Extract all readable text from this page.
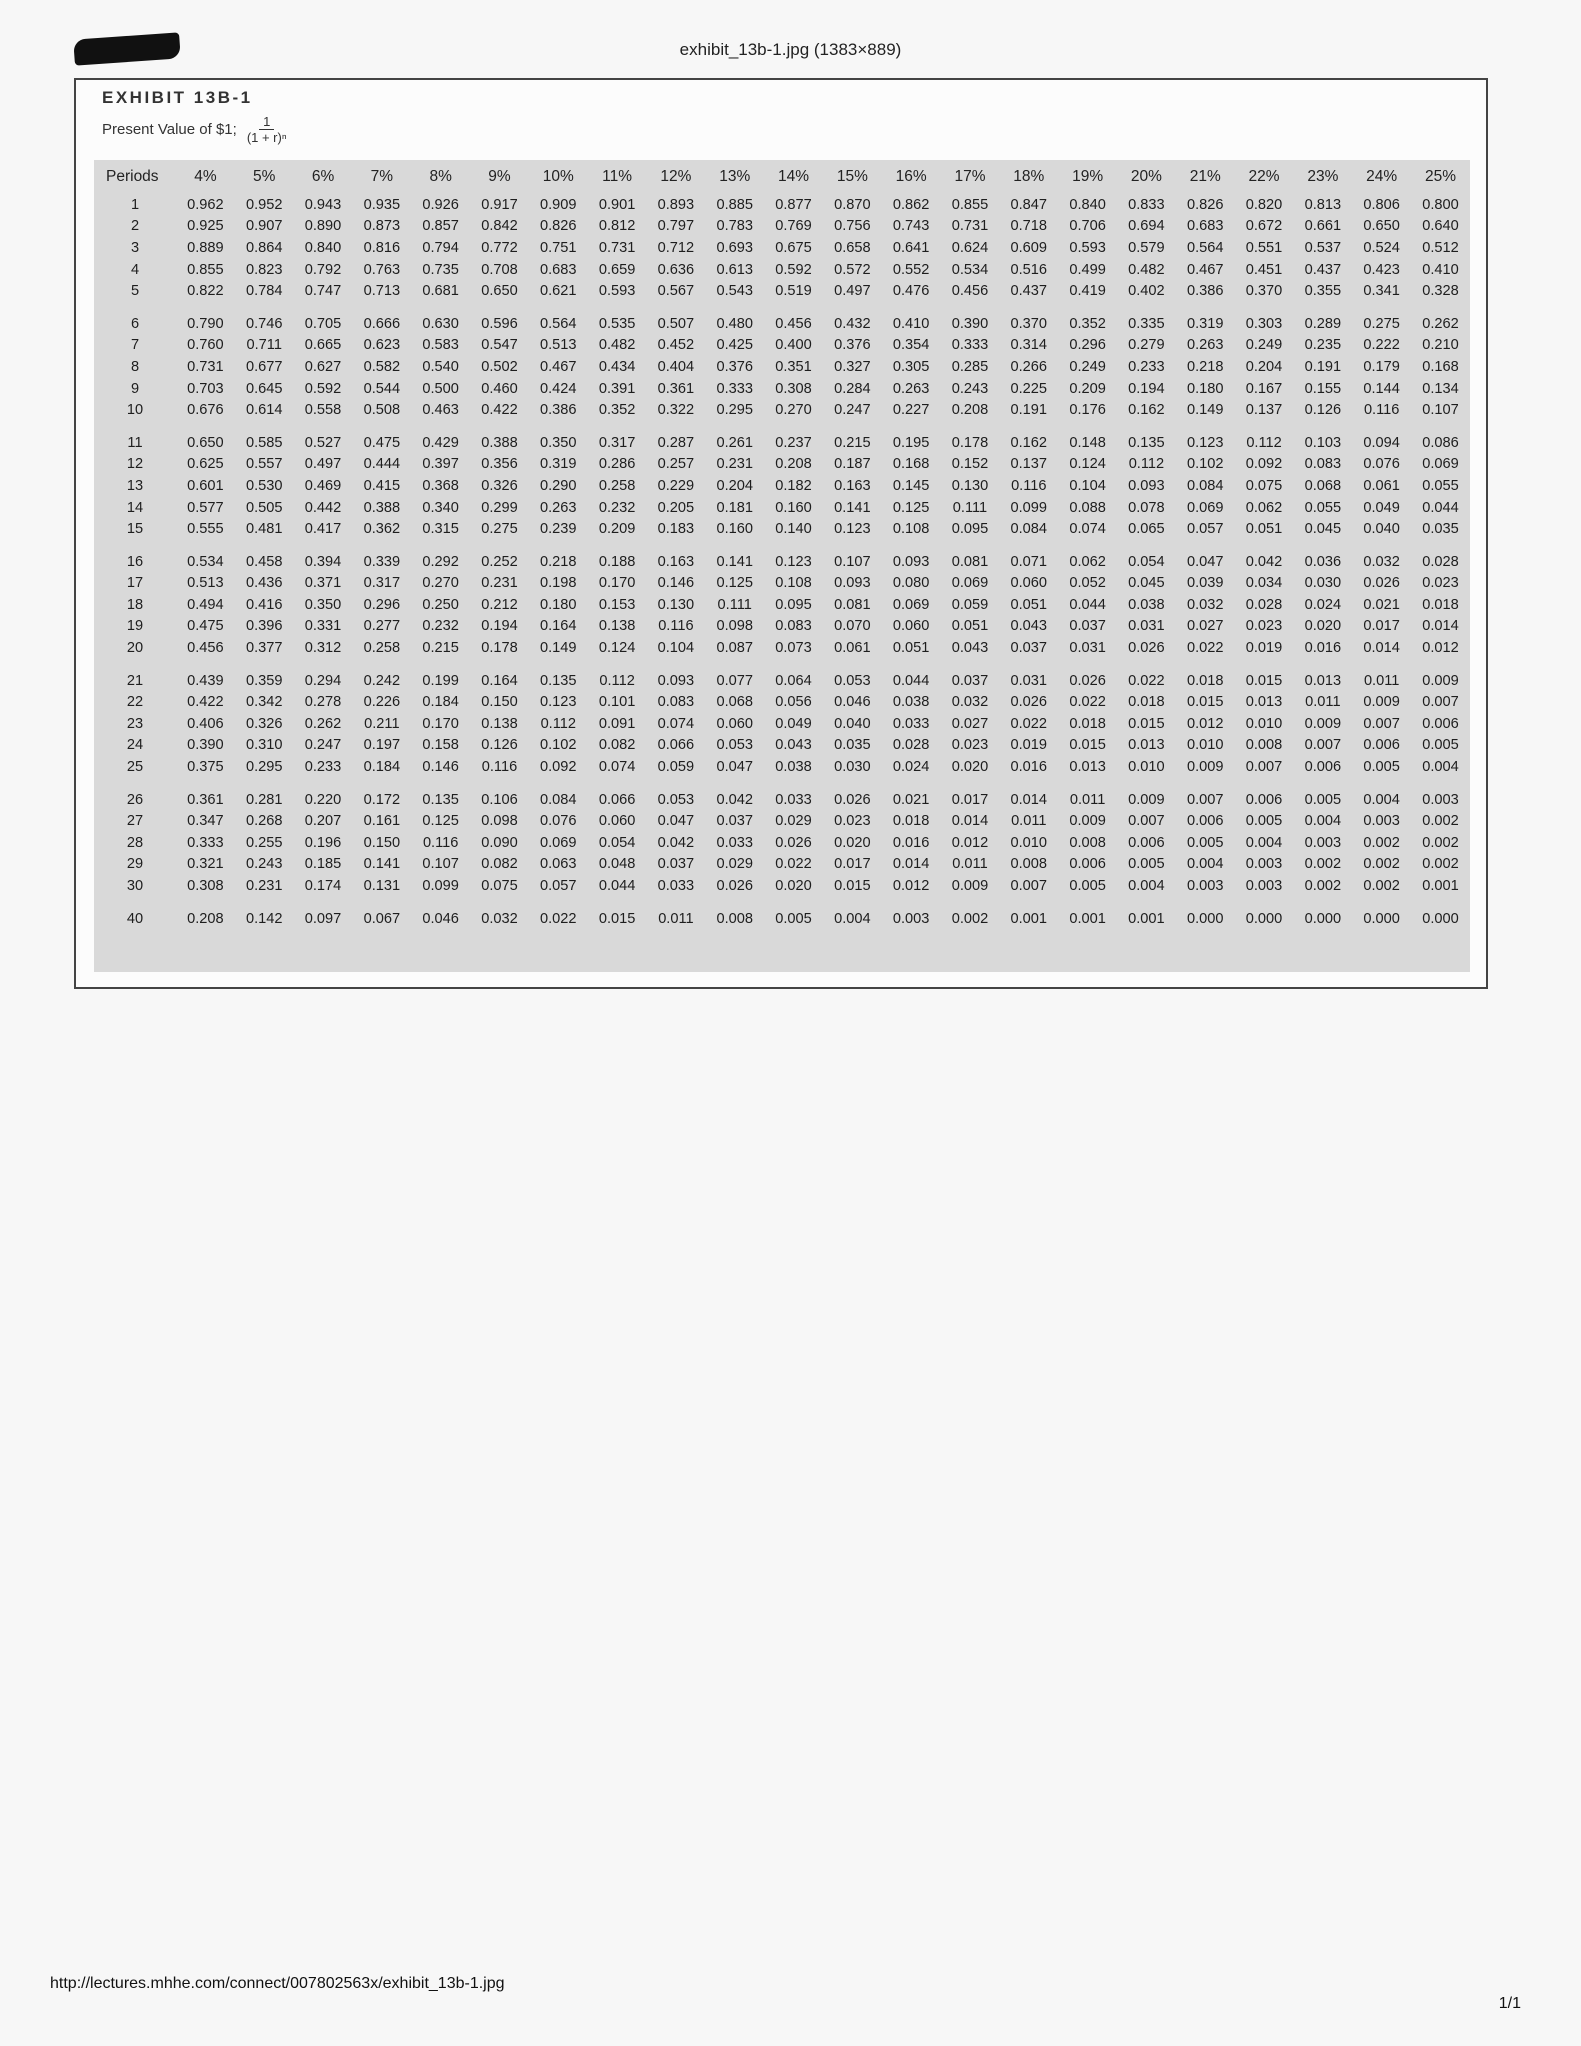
exhibit_13b-1.jpg (1383×889)
EXHIBIT 13B-1
Present Value of $1; $\frac{1}{\text{(1 + r)ⁿ}}$
Periods	4%	5%	6%	7%	8%	9%	10%	11%	12%	13%	14%	15%	16%	17%	18%	19%	20%	21%	22%	23%	24%	25%
1	0.962	0.952	0.943	0.935	0.926	0.917	0.909	0.901	0.893	0.885	0.877	0.870	0.862	0.855	0.847	0.840	0.833	0.826	0.820	0.813	0.806	0.800
2	0.925	0.907	0.890	0.873	0.857	0.842	0.826	0.812	0.797	0.783	0.769	0.756	0.743	0.731	0.718	0.706	0.694	0.683	0.672	0.661	0.650	0.640
3	0.889	0.864	0.840	0.816	0.794	0.772	0.751	0.731	0.712	0.693	0.675	0.658	0.641	0.624	0.609	0.593	0.579	0.564	0.551	0.537	0.524	0.512
4	0.855	0.823	0.792	0.763	0.735	0.708	0.683	0.659	0.636	0.613	0.592	0.572	0.552	0.534	0.516	0.499	0.482	0.467	0.451	0.437	0.423	0.410
5	0.822	0.784	0.747	0.713	0.681	0.650	0.621	0.593	0.567	0.543	0.519	0.497	0.476	0.456	0.437	0.419	0.402	0.386	0.370	0.355	0.341	0.328

6	0.790	0.746	0.705	0.666	0.630	0.596	0.564	0.535	0.507	0.480	0.456	0.432	0.410	0.390	0.370	0.352	0.335	0.319	0.303	0.289	0.275	0.262
7	0.760	0.711	0.665	0.623	0.583	0.547	0.513	0.482	0.452	0.425	0.400	0.376	0.354	0.333	0.314	0.296	0.279	0.263	0.249	0.235	0.222	0.210
8	0.731	0.677	0.627	0.582	0.540	0.502	0.467	0.434	0.404	0.376	0.351	0.327	0.305	0.285	0.266	0.249	0.233	0.218	0.204	0.191	0.179	0.168
9	0.703	0.645	0.592	0.544	0.500	0.460	0.424	0.391	0.361	0.333	0.308	0.284	0.263	0.243	0.225	0.209	0.194	0.180	0.167	0.155	0.144	0.134
10	0.676	0.614	0.558	0.508	0.463	0.422	0.386	0.352	0.322	0.295	0.270	0.247	0.227	0.208	0.191	0.176	0.162	0.149	0.137	0.126	0.116	0.107

11	0.650	0.585	0.527	0.475	0.429	0.388	0.350	0.317	0.287	0.261	0.237	0.215	0.195	0.178	0.162	0.148	0.135	0.123	0.112	0.103	0.094	0.086
12	0.625	0.557	0.497	0.444	0.397	0.356	0.319	0.286	0.257	0.231	0.208	0.187	0.168	0.152	0.137	0.124	0.112	0.102	0.092	0.083	0.076	0.069
13	0.601	0.530	0.469	0.415	0.368	0.326	0.290	0.258	0.229	0.204	0.182	0.163	0.145	0.130	0.116	0.104	0.093	0.084	0.075	0.068	0.061	0.055
14	0.577	0.505	0.442	0.388	0.340	0.299	0.263	0.232	0.205	0.181	0.160	0.141	0.125	0.111	0.099	0.088	0.078	0.069	0.062	0.055	0.049	0.044
15	0.555	0.481	0.417	0.362	0.315	0.275	0.239	0.209	0.183	0.160	0.140	0.123	0.108	0.095	0.084	0.074	0.065	0.057	0.051	0.045	0.040	0.035

16	0.534	0.458	0.394	0.339	0.292	0.252	0.218	0.188	0.163	0.141	0.123	0.107	0.093	0.081	0.071	0.062	0.054	0.047	0.042	0.036	0.032	0.028
17	0.513	0.436	0.371	0.317	0.270	0.231	0.198	0.170	0.146	0.125	0.108	0.093	0.080	0.069	0.060	0.052	0.045	0.039	0.034	0.030	0.026	0.023
18	0.494	0.416	0.350	0.296	0.250	0.212	0.180	0.153	0.130	0.111	0.095	0.081	0.069	0.059	0.051	0.044	0.038	0.032	0.028	0.024	0.021	0.018
19	0.475	0.396	0.331	0.277	0.232	0.194	0.164	0.138	0.116	0.098	0.083	0.070	0.060	0.051	0.043	0.037	0.031	0.027	0.023	0.020	0.017	0.014
20	0.456	0.377	0.312	0.258	0.215	0.178	0.149	0.124	0.104	0.087	0.073	0.061	0.051	0.043	0.037	0.031	0.026	0.022	0.019	0.016	0.014	0.012

21	0.439	0.359	0.294	0.242	0.199	0.164	0.135	0.112	0.093	0.077	0.064	0.053	0.044	0.037	0.031	0.026	0.022	0.018	0.015	0.013	0.011	0.009
22	0.422	0.342	0.278	0.226	0.184	0.150	0.123	0.101	0.083	0.068	0.056	0.046	0.038	0.032	0.026	0.022	0.018	0.015	0.013	0.011	0.009	0.007
23	0.406	0.326	0.262	0.211	0.170	0.138	0.112	0.091	0.074	0.060	0.049	0.040	0.033	0.027	0.022	0.018	0.015	0.012	0.010	0.009	0.007	0.006
24	0.390	0.310	0.247	0.197	0.158	0.126	0.102	0.082	0.066	0.053	0.043	0.035	0.028	0.023	0.019	0.015	0.013	0.010	0.008	0.007	0.006	0.005
25	0.375	0.295	0.233	0.184	0.146	0.116	0.092	0.074	0.059	0.047	0.038	0.030	0.024	0.020	0.016	0.013	0.010	0.009	0.007	0.006	0.005	0.004

26	0.361	0.281	0.220	0.172	0.135	0.106	0.084	0.066	0.053	0.042	0.033	0.026	0.021	0.017	0.014	0.011	0.009	0.007	0.006	0.005	0.004	0.003
27	0.347	0.268	0.207	0.161	0.125	0.098	0.076	0.060	0.047	0.037	0.029	0.023	0.018	0.014	0.011	0.009	0.007	0.006	0.005	0.004	0.003	0.002
28	0.333	0.255	0.196	0.150	0.116	0.090	0.069	0.054	0.042	0.033	0.026	0.020	0.016	0.012	0.010	0.008	0.006	0.005	0.004	0.003	0.002	0.002
29	0.321	0.243	0.185	0.141	0.107	0.082	0.063	0.048	0.037	0.029	0.022	0.017	0.014	0.011	0.008	0.006	0.005	0.004	0.003	0.002	0.002	0.002
30	0.308	0.231	0.174	0.131	0.099	0.075	0.057	0.044	0.033	0.026	0.020	0.015	0.012	0.009	0.007	0.005	0.004	0.003	0.003	0.002	0.002	0.001

40	0.208	0.142	0.097	0.067	0.046	0.032	0.022	0.015	0.011	0.008	0.005	0.004	0.003	0.002	0.001	0.001	0.001	0.000	0.000	0.000	0.000	0.000
http://lectures.mhhe.com/connect/007802563x/exhibit_13b-1.jpg
1/1
